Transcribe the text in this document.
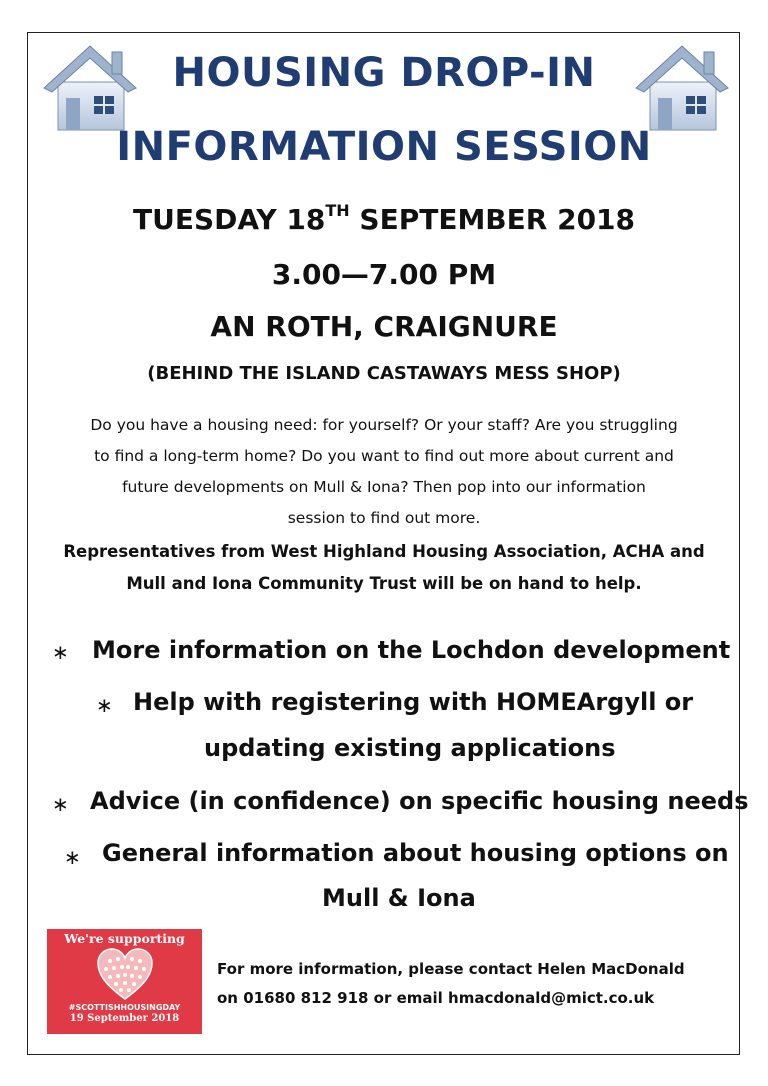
HOUSING DROP-IN
INFORMATION SESSION
TUESDAY 18TH SEPTEMBER 2018
3.00—7.00 PM
AN ROTH, CRAIGNURE
(BEHIND THE ISLAND CASTAWAYS MESS SHOP)
Do you have a housing need: for yourself? Or your staff? Are you struggling
to find a long-term home? Do you want to find out more about current and
future developments on Mull & Iona? Then pop into our information
session to find out more.
Representatives from West Highland Housing Association, ACHA and
Mull and Iona Community Trust will be on hand to help.
∗ More information on the Lochdon development
∗ Help with registering with HOMEArgyll or
updating existing applications
∗ Advice (in confidence) on specific housing needs
∗ General information about housing options on
Mull & Iona
We're supporting
#SCOTTISHHOUSINGDAY
19 September 2018
For more information, please contact Helen MacDonald
on 01680 812 918 or email hmacdonald@mict.co.uk
